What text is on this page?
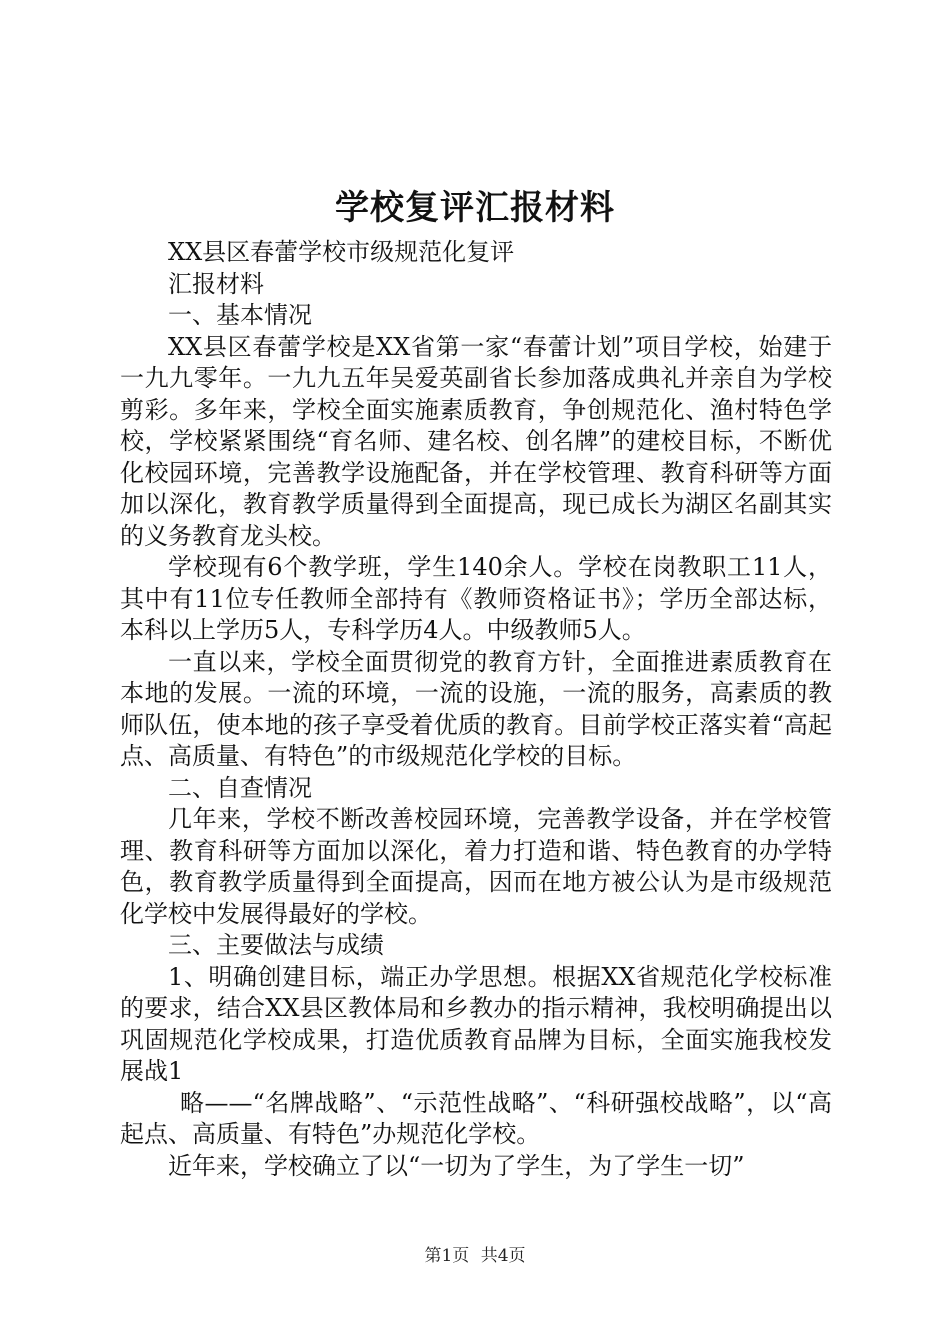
学校复评汇报材料

XX县区春蕾学校市级规范化复评

汇报材料

一、基本情况

XX县区春蕾学校是XX省第一家“春蕾计划”项目学校，始建于一九九零年。一九九五年吴爱英副省长参加落成典礼并亲自为学校剪彩。多年来，学校全面实施素质教育，争创规范化、渔村特色学校，学校紧紧围绕“育名师、建名校、创名牌”的建校目标，不断优化校园环境，完善教学设施配备，并在学校管理、教育科研等方面加以深化，教育教学质量得到全面提高，现已成长为湖区名副其实的义务教育龙头校。

学校现有6个教学班，学生140余人。学校在岗教职工11人，其中有11位专任教师全部持有《教师资格证书》；学历全部达标，本科以上学历5人，专科学历4人。中级教师5人。

一直以来，学校全面贯彻党的教育方针，全面推进素质教育在本地的发展。一流的环境，一流的设施，一流的服务，高素质的教师队伍，使本地的孩子享受着优质的教育。目前学校正落实着“高起点、高质量、有特色”的市级规范化学校的目标。

二、自查情况

几年来，学校不断改善校园环境，完善教学设备，并在学校管理、教育科研等方面加以深化，着力打造和谐、特色教育的办学特色，教育教学质量得到全面提高，因而在地方被公认为是市级规范化学校中发展得最好的学校。

三、主要做法与成绩

1、明确创建目标，端正办学思想。根据XX省规范化学校标准的要求，结合XX县区教体局和乡教办的指示精神，我校明确提出以巩固规范化学校成果，打造优质教育品牌为目标，全面实施我校发展战1

略——“名牌战略”、“示范性战略”、“科研强校战略”，以“高起点、高质量、有特色”办规范化学校。

近年来，学校确立了以“一切为了学生，为了学生一切”

第1页 共4页
